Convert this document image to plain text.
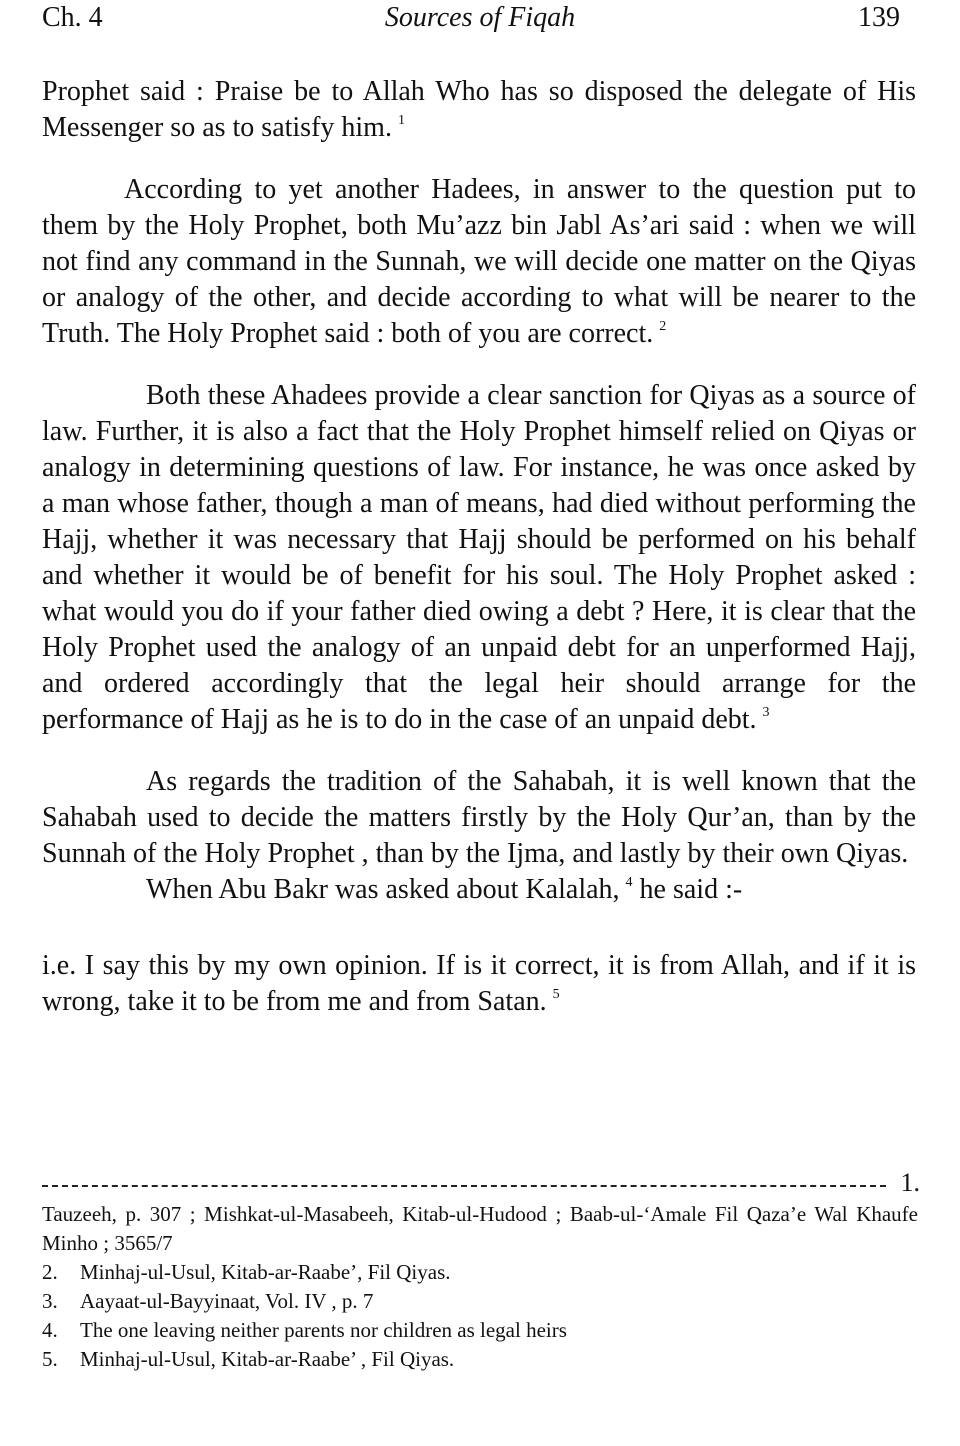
Ch. 4	Sources of Fiqah	139

Prophet said : Praise be to Allah Who has so disposed the delegate of His Messenger so as to satisfy him. $^1$

According to yet another Hadees, in answer to the question put to them by the Holy Prophet, both Mu’azz bin Jabl As’ari said : when we will not find any command in the Sunnah, we will decide one matter on the Qiyas or analogy of the other, and decide according to what will be nearer to the Truth. The Holy Prophet said : both of you are correct. $^2$

Both these Ahadees provide a clear sanction for Qiyas as a source of law. Further, it is also a fact that the Holy Prophet himself relied on Qiyas or analogy in determining questions of law. For instance, he was once asked by a man whose father, though a man of means, had died without performing the Hajj, whether it was necessary that Hajj should be performed on his behalf and whether it would be of benefit for his soul. The Holy Prophet asked : what would you do if your father died owing a debt ? Here, it is clear that the Holy Prophet used the analogy of an unpaid debt for an unperformed Hajj, and ordered accordingly that the legal heir should arrange for the performance of Hajj as he is to do in the case of an unpaid debt. $^3$

As regards the tradition of the Sahabah, it is well known that the Sahabah used to decide the matters firstly by the Holy Qur’an, than by the Sunnah of the Holy Prophet , than by the Ijma, and lastly by their own Qiyas.

When Abu Bakr was asked about Kalalah, $^4$ he said :-

i.e. I say this by my own opinion. If is it correct, it is from Allah, and if it is wrong, take it to be from me and from Satan. $^5$

1.

Tauzeeh, p. 307 ; Mishkat-ul-Masabeeh, Kitab-ul-Hudood ; Baab-ul-‘Amale Fil Qaza’e Wal Khaufe Minho ; 3565/7

2. Minhaj-ul-Usul, Kitab-ar-Raabe’, Fil Qiyas.

3. Aayaat-ul-Bayyinaat, Vol. IV , p. 7

4. The one leaving neither parents nor children as legal heirs

5. Minhaj-ul-Usul, Kitab-ar-Raabe’ , Fil Qiyas.
